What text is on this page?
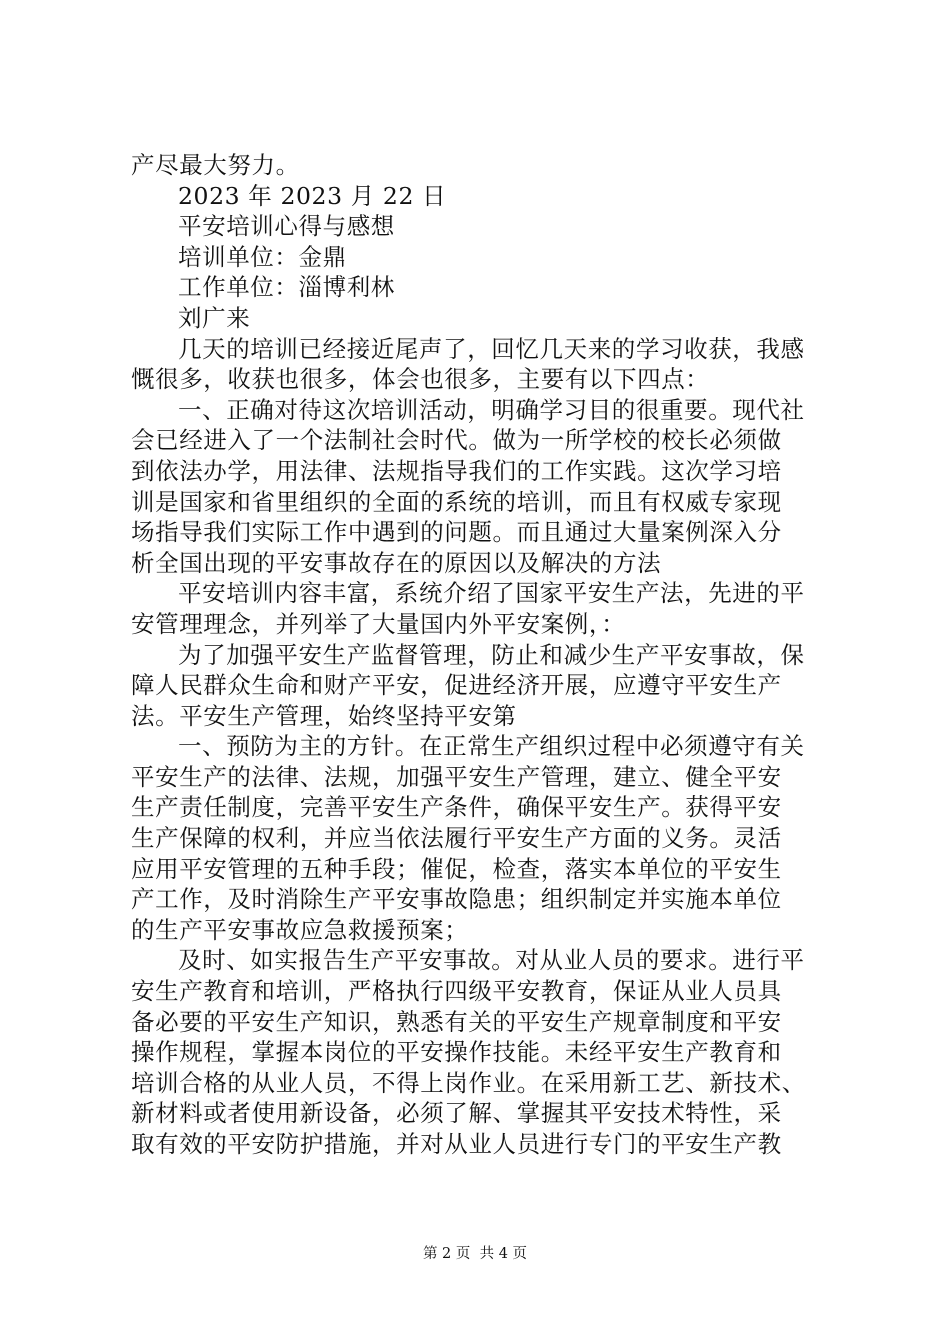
产尽最大努力。
2023 年 2023 月 22 日
平安培训心得与感想
培训单位：金鼎
工作单位：淄博利林
刘广来
几天的培训已经接近尾声了，回忆几天来的学习收获，我感
慨很多，收获也很多，体会也很多，主要有以下四点：
一、正确对待这次培训活动，明确学习目的很重要。现代社
会已经进入了一个法制社会时代。做为一所学校的校长必须做
到依法办学，用法律、法规指导我们的工作实践。这次学习培
训是国家和省里组织的全面的系统的培训，而且有权威专家现
场指导我们实际工作中遇到的问题。而且通过大量案例深入分
析全国出现的平安事故存在的原因以及解决的方法
平安培训内容丰富，系统介绍了国家平安生产法，先进的平
安管理理念，并列举了大量国内外平安案例，：
为了加强平安生产监督管理，防止和减少生产平安事故，保
障人民群众生命和财产平安，促进经济开展，应遵守平安生产
法。平安生产管理，始终坚持平安第
一、预防为主的方针。在正常生产组织过程中必须遵守有关
平安生产的法律、法规，加强平安生产管理，建立、健全平安
生产责任制度，完善平安生产条件，确保平安生产。获得平安
生产保障的权利，并应当依法履行平安生产方面的义务。灵活
应用平安管理的五种手段；催促，检查，落实本单位的平安生
产工作，及时消除生产平安事故隐患；组织制定并实施本单位
的生产平安事故应急救援预案；
及时、如实报告生产平安事故。对从业人员的要求。进行平
安生产教育和培训，严格执行四级平安教育，保证从业人员具
备必要的平安生产知识，熟悉有关的平安生产规章制度和平安
操作规程，掌握本岗位的平安操作技能。未经平安生产教育和
培训合格的从业人员，不得上岗作业。在采用新工艺、新技术、
新材料或者使用新设备，必须了解、掌握其平安技术特性，采
取有效的平安防护措施，并对从业人员进行专门的平安生产教
第 2 页 共 4 页
